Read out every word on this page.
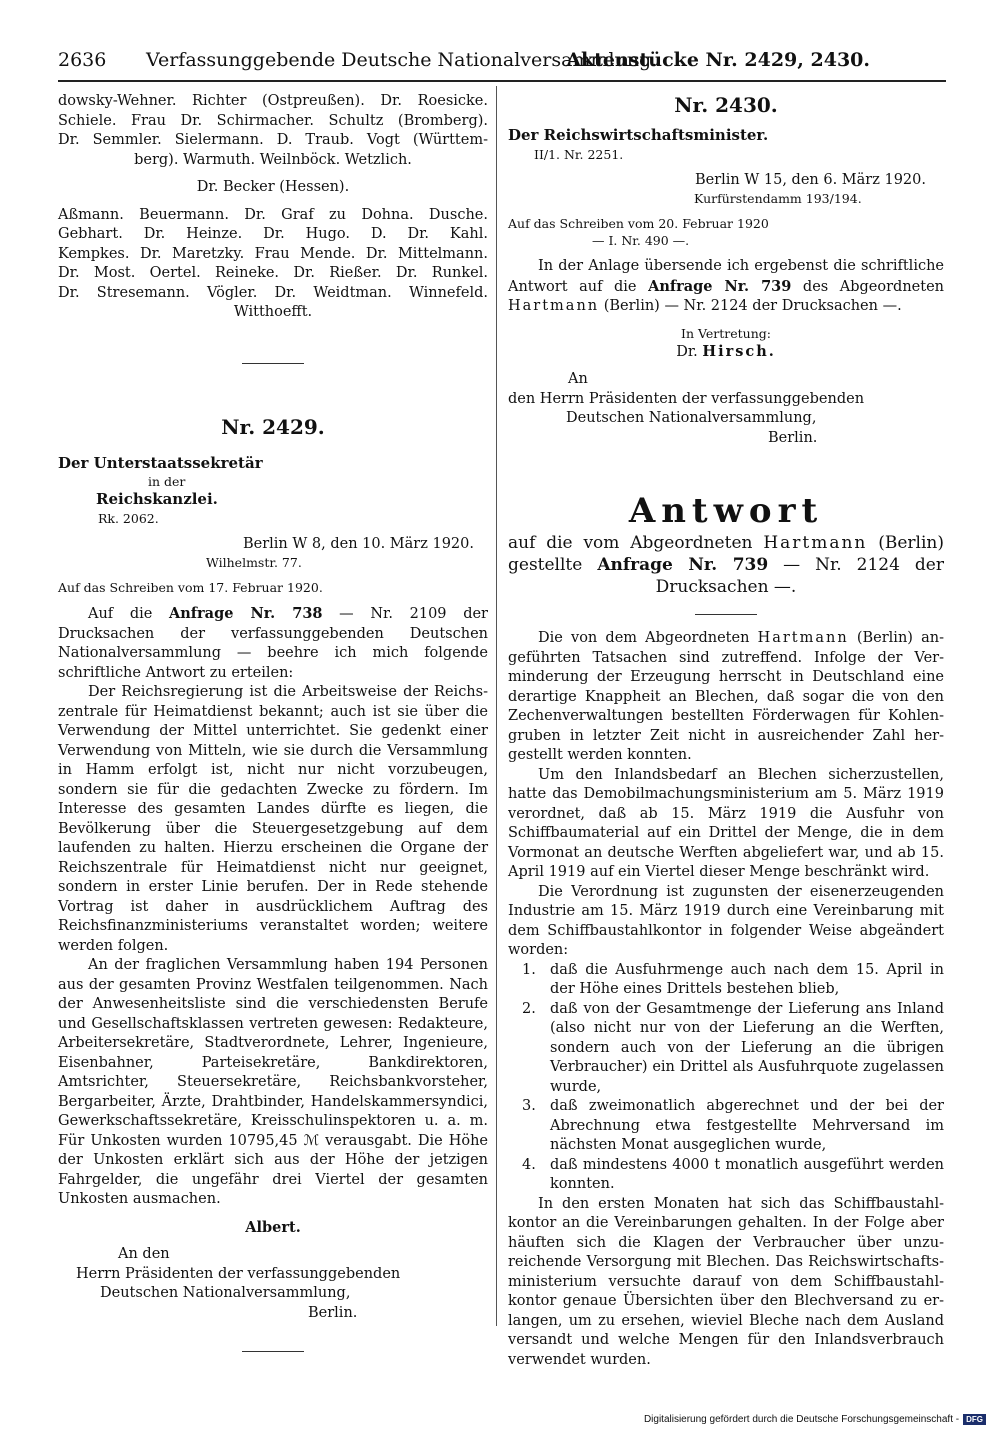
2636 Verfassunggebende Deutsche Nationalversammlung.
Aktenstücke Nr. 2429, 2430.

dowsky-Wehner. Richter (Ostpreußen). Dr. Roesicke.

Schiele. Frau Dr. Schirmacher. Schultz (Bromberg).

Dr. Semmler. Sielermann. D. Traub. Vogt (Württem-

berg). Warmuth. Weilnböck. Wetzlich.

Dr. Becker (Hessen).

Aßmann. Beuermann. Dr. Graf zu Dohna. Dusche.

Gebhart. Dr. Heinze. Dr. Hugo. D. Dr. Kahl.

Kempkes. Dr. Maretzky. Frau Mende. Dr. Mittelmann.

Dr. Most. Oertel. Reineke. Dr. Rießer. Dr. Runkel.

Dr. Stresemann. Vögler. Dr. Weidtman. Winnefeld.

Witthoefft.

Nr. 2429.

Der Unterstaatssekretär

in der

Reichskanzlei.

Rk. 2062.

Berlin W 8, den 10. März 1920.

Wilhelmstr. 77.

Auf das Schreiben vom 17. Februar 1920.

Auf die Anfrage Nr. 738 — Nr. 2109 der Drucksachen der verfassunggebenden Deutschen Nationalversammlung — beehre ich mich folgende schriftliche Antwort zu erteilen:

Der Reichsregierung ist die Arbeitsweise der Reichszentrale für Heimatdienst bekannt; auch ist sie über die Verwendung der Mittel unterrichtet. Sie gedenkt einer Verwendung von Mitteln, wie sie durch die Versammlung in Hamm erfolgt ist, nicht nur nicht vorzubeugen, sondern sie für die gedachten Zwecke zu fördern. Im Interesse des gesamten Landes dürfte es liegen, die Bevölkerung über die Steuergesetzgebung auf dem laufenden zu halten. Hierzu erscheinen die Organe der Reichszentrale für Heimatdienst nicht nur geeignet, sondern in erster Linie berufen. Der in Rede stehende Vortrag ist daher in ausdrücklichem Auftrag des Reichsfinanzministeriums veranstaltet worden; weitere werden folgen.

An der fraglichen Versammlung haben 194 Personen aus der gesamten Provinz Westfalen teilgenommen. Nach der Anwesenheitsliste sind die verschiedensten Berufe und Gesellschaftsklassen vertreten gewesen: Redakteure, Arbeitersekretäre, Stadtverordnete, Lehrer, Ingenieure, Eisenbahner, Parteisekretäre, Bankdirektoren, Amtsrichter, Steuersekretäre, Reichsbankvorsteher, Bergarbeiter, Ärzte, Drahtbinder, Handelskammersyndici, Gewerkschaftssekretäre, Kreisschulinspektoren u. a. m. Für Unkosten wurden 10795,45 ℳ verausgabt. Die Höhe der Unkosten erklärt sich aus der Höhe der jetzigen Fahrgelder, die ungefähr drei Viertel der gesamten Unkosten ausmachen.

Albert.

An den

Herrn Präsidenten der verfassunggebenden

Deutschen Nationalversammlung,

Berlin.

Nr. 2430.

Der Reichswirtschaftsminister.

II/1. Nr. 2251.

Berlin W 15, den 6. März 1920.

Kurfürstendamm 193/194.

Auf das Schreiben vom 20. Februar 1920

— I. Nr. 490 —.

In der Anlage übersende ich ergebenst die schriftliche Antwort auf die Anfrage Nr. 739 des Abgeordneten Hartmann (Berlin) — Nr. 2124 der Drucksachen —.

In Vertretung:

Dr. Hirsch.

An

den Herrn Präsidenten der verfassunggebenden

Deutschen Nationalversammlung,

Berlin.

Antwort

auf die vom Abgeordneten Hartmann (Berlin) gestellte Anfrage Nr. 739 — Nr. 2124 der

Drucksachen —.

Die von dem Abgeordneten Hartmann (Berlin) angeführten Tatsachen sind zutreffend. Infolge der Verminderung der Erzeugung herrscht in Deutschland eine derartige Knappheit an Blechen, daß sogar die von den Zechenverwaltungen bestellten Förderwagen für Kohlengruben in letzter Zeit nicht in ausreichender Zahl hergestellt werden konnten.

Um den Inlandsbedarf an Blechen sicherzustellen, hatte das Demobilmachungsministerium am 5. März 1919 verordnet, daß ab 15. März 1919 die Ausfuhr von Schiffbaumaterial auf ein Drittel der Menge, die in dem Vormonat an deutsche Werften abgeliefert war, und ab 15. April 1919 auf ein Viertel dieser Menge beschränkt wird.

Die Verordnung ist zugunsten der eisenerzeugenden Industrie am 15. März 1919 durch eine Vereinbarung mit dem Schiffbaustahlkontor in folgender Weise abgeändert worden:

1. daß die Ausfuhrmenge auch nach dem 15. April in der Höhe eines Drittels bestehen blieb,
2. daß von der Gesamtmenge der Lieferung ans Inland (also nicht nur von der Lieferung an die Werften, sondern auch von der Lieferung an die übrigen Verbraucher) ein Drittel als Ausfuhrquote zugelassen wurde,
3. daß zweimonatlich abgerechnet und der bei der Abrechnung etwa festgestellte Mehrversand im nächsten Monat ausgeglichen wurde,
4. daß mindestens 4000 t monatlich ausgeführt werden konnten.

In den ersten Monaten hat sich das Schiffbaustahlkontor an die Vereinbarungen gehalten. In der Folge aber häuften sich die Klagen der Verbraucher über unzureichende Versorgung mit Blechen. Das Reichswirtschaftsministerium versuchte darauf von dem Schiffbaustahlkontor genaue Übersichten über den Blechversand zu erlangen, um zu ersehen, wieviel Bleche nach dem Ausland versandt und welche Mengen für den Inlandsverbrauch verwendet wurden.

Digitalisierung gefördert durch die Deutsche Forschungsgemeinschaft - DFG
